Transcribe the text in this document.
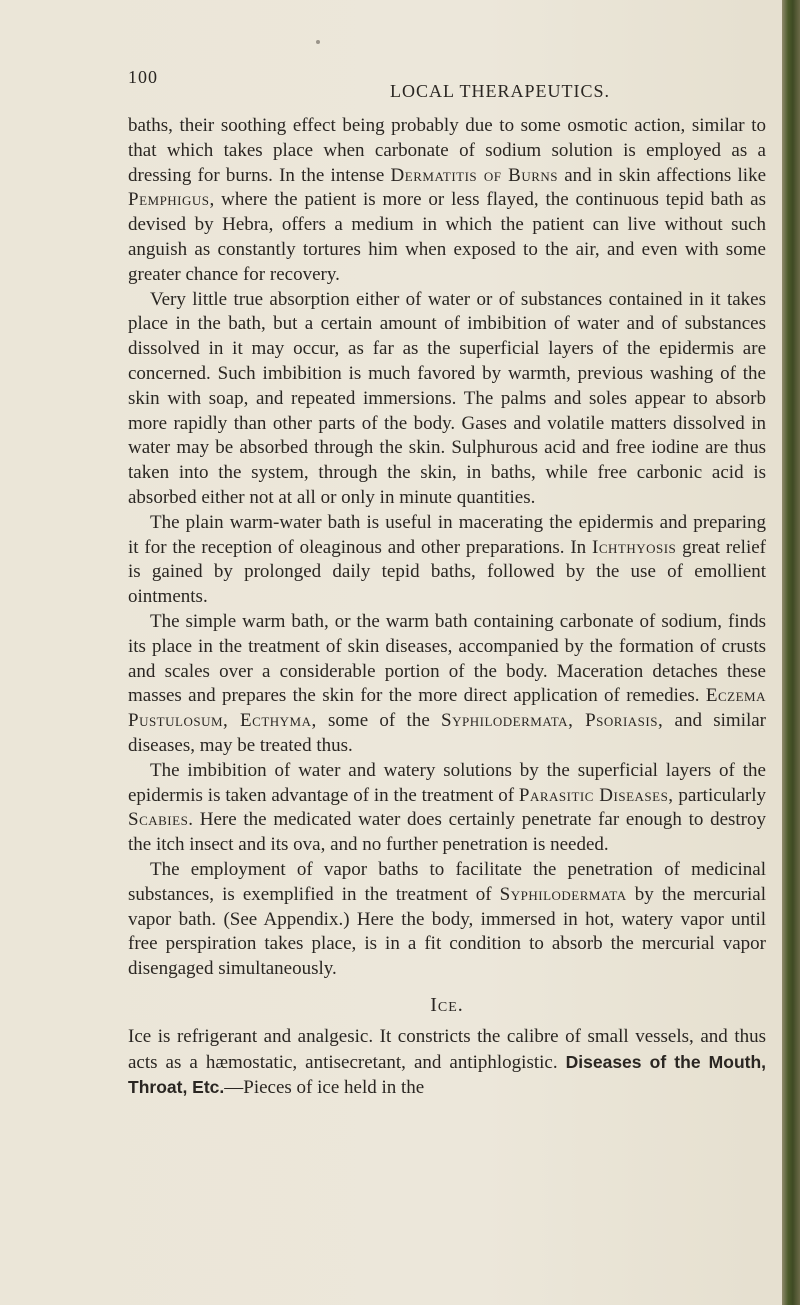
100
LOCAL THERAPEUTICS.

baths, their soothing effect being probably due to some osmotic action, similar to that which takes place when carbonate of sodium solution is employed as a dressing for burns. In the intense Dermatitis of Burns and in skin affections like Pemphigus, where the patient is more or less flayed, the continuous tepid bath as devised by Hebra, offers a medium in which the patient can live without such anguish as constantly tortures him when exposed to the air, and even with some greater chance for recovery.

Very little true absorption either of water or of substances contained in it takes place in the bath, but a certain amount of imbibition of water and of substances dissolved in it may occur, as far as the superficial layers of the epidermis are concerned. Such imbibition is much favored by warmth, previous washing of the skin with soap, and repeated immersions. The palms and soles appear to absorb more rapidly than other parts of the body. Gases and volatile matters dissolved in water may be absorbed through the skin. Sulphurous acid and free iodine are thus taken into the system, through the skin, in baths, while free carbonic acid is absorbed either not at all or only in minute quantities.

The plain warm-water bath is useful in macerating the epidermis and preparing it for the reception of oleaginous and other preparations. In Ichthyosis great relief is gained by prolonged daily tepid baths, followed by the use of emollient ointments.

The simple warm bath, or the warm bath containing carbonate of sodium, finds its place in the treatment of skin diseases, accompanied by the formation of crusts and scales over a considerable portion of the body. Maceration detaches these masses and prepares the skin for the more direct application of remedies. Eczema Pustulosum, Ecthyma, some of the Syphilodermata, Psoriasis, and similar diseases, may be treated thus.

The imbibition of water and watery solutions by the superficial layers of the epidermis is taken advantage of in the treatment of Parasitic Diseases, particularly Scabies. Here the medicated water does certainly penetrate far enough to destroy the itch insect and its ova, and no further penetration is needed.

The employment of vapor baths to facilitate the penetration of medicinal substances, is exemplified in the treatment of Syphilodermata by the mercurial vapor bath. (See Appendix.) Here the body, immersed in hot, watery vapor until free perspiration takes place, is in a fit condition to absorb the mercurial vapor disengaged simultaneously.

Ice.

Ice is refrigerant and analgesic. It constricts the calibre of small vessels, and thus acts as a hæmostatic, antisecretant, and antiphlogistic. Diseases of the Mouth, Throat, Etc.—Pieces of ice held in the
